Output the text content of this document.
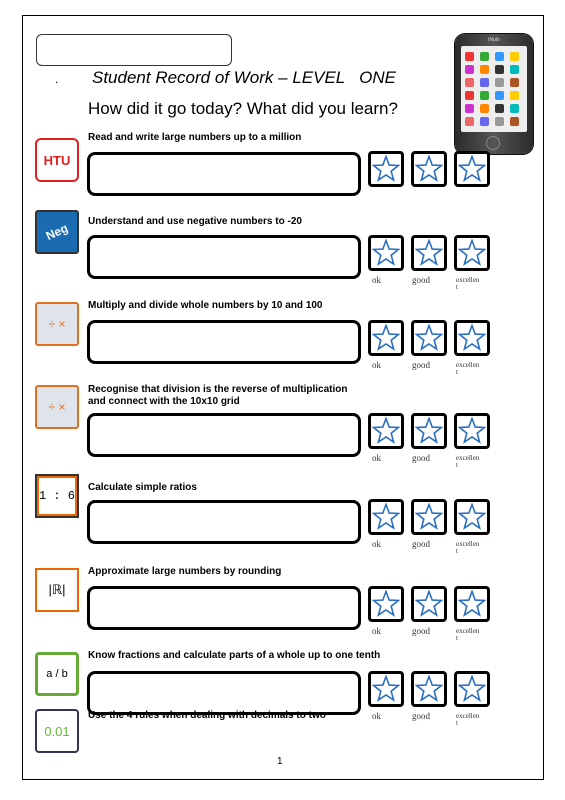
. Student Record of Work – LEVEL   ONE
How did it go today? What did you learn?
iNulo
HTU
Read and write large numbers up to a million
Neg	Understand and use negative numbers to -20
ok	good	excellen
t
÷ ×
Multiply and divide whole numbers by 10 and 100
ok	good	excellen
t
÷ ×
Recognise that division is the reverse of multiplication
and connect with the 10x10 grid
ok	good	excellen
t
1 : 6
Calculate simple ratios
ok	good	excellen
t
|ℝ|
Approximate large numbers by rounding
ok	good	excellen
t
a / b
Know fractions and calculate parts of a whole up to one tenth
ok	good	excellen
t
0.01
Use the 4 rules when dealing with decimals to two
1
